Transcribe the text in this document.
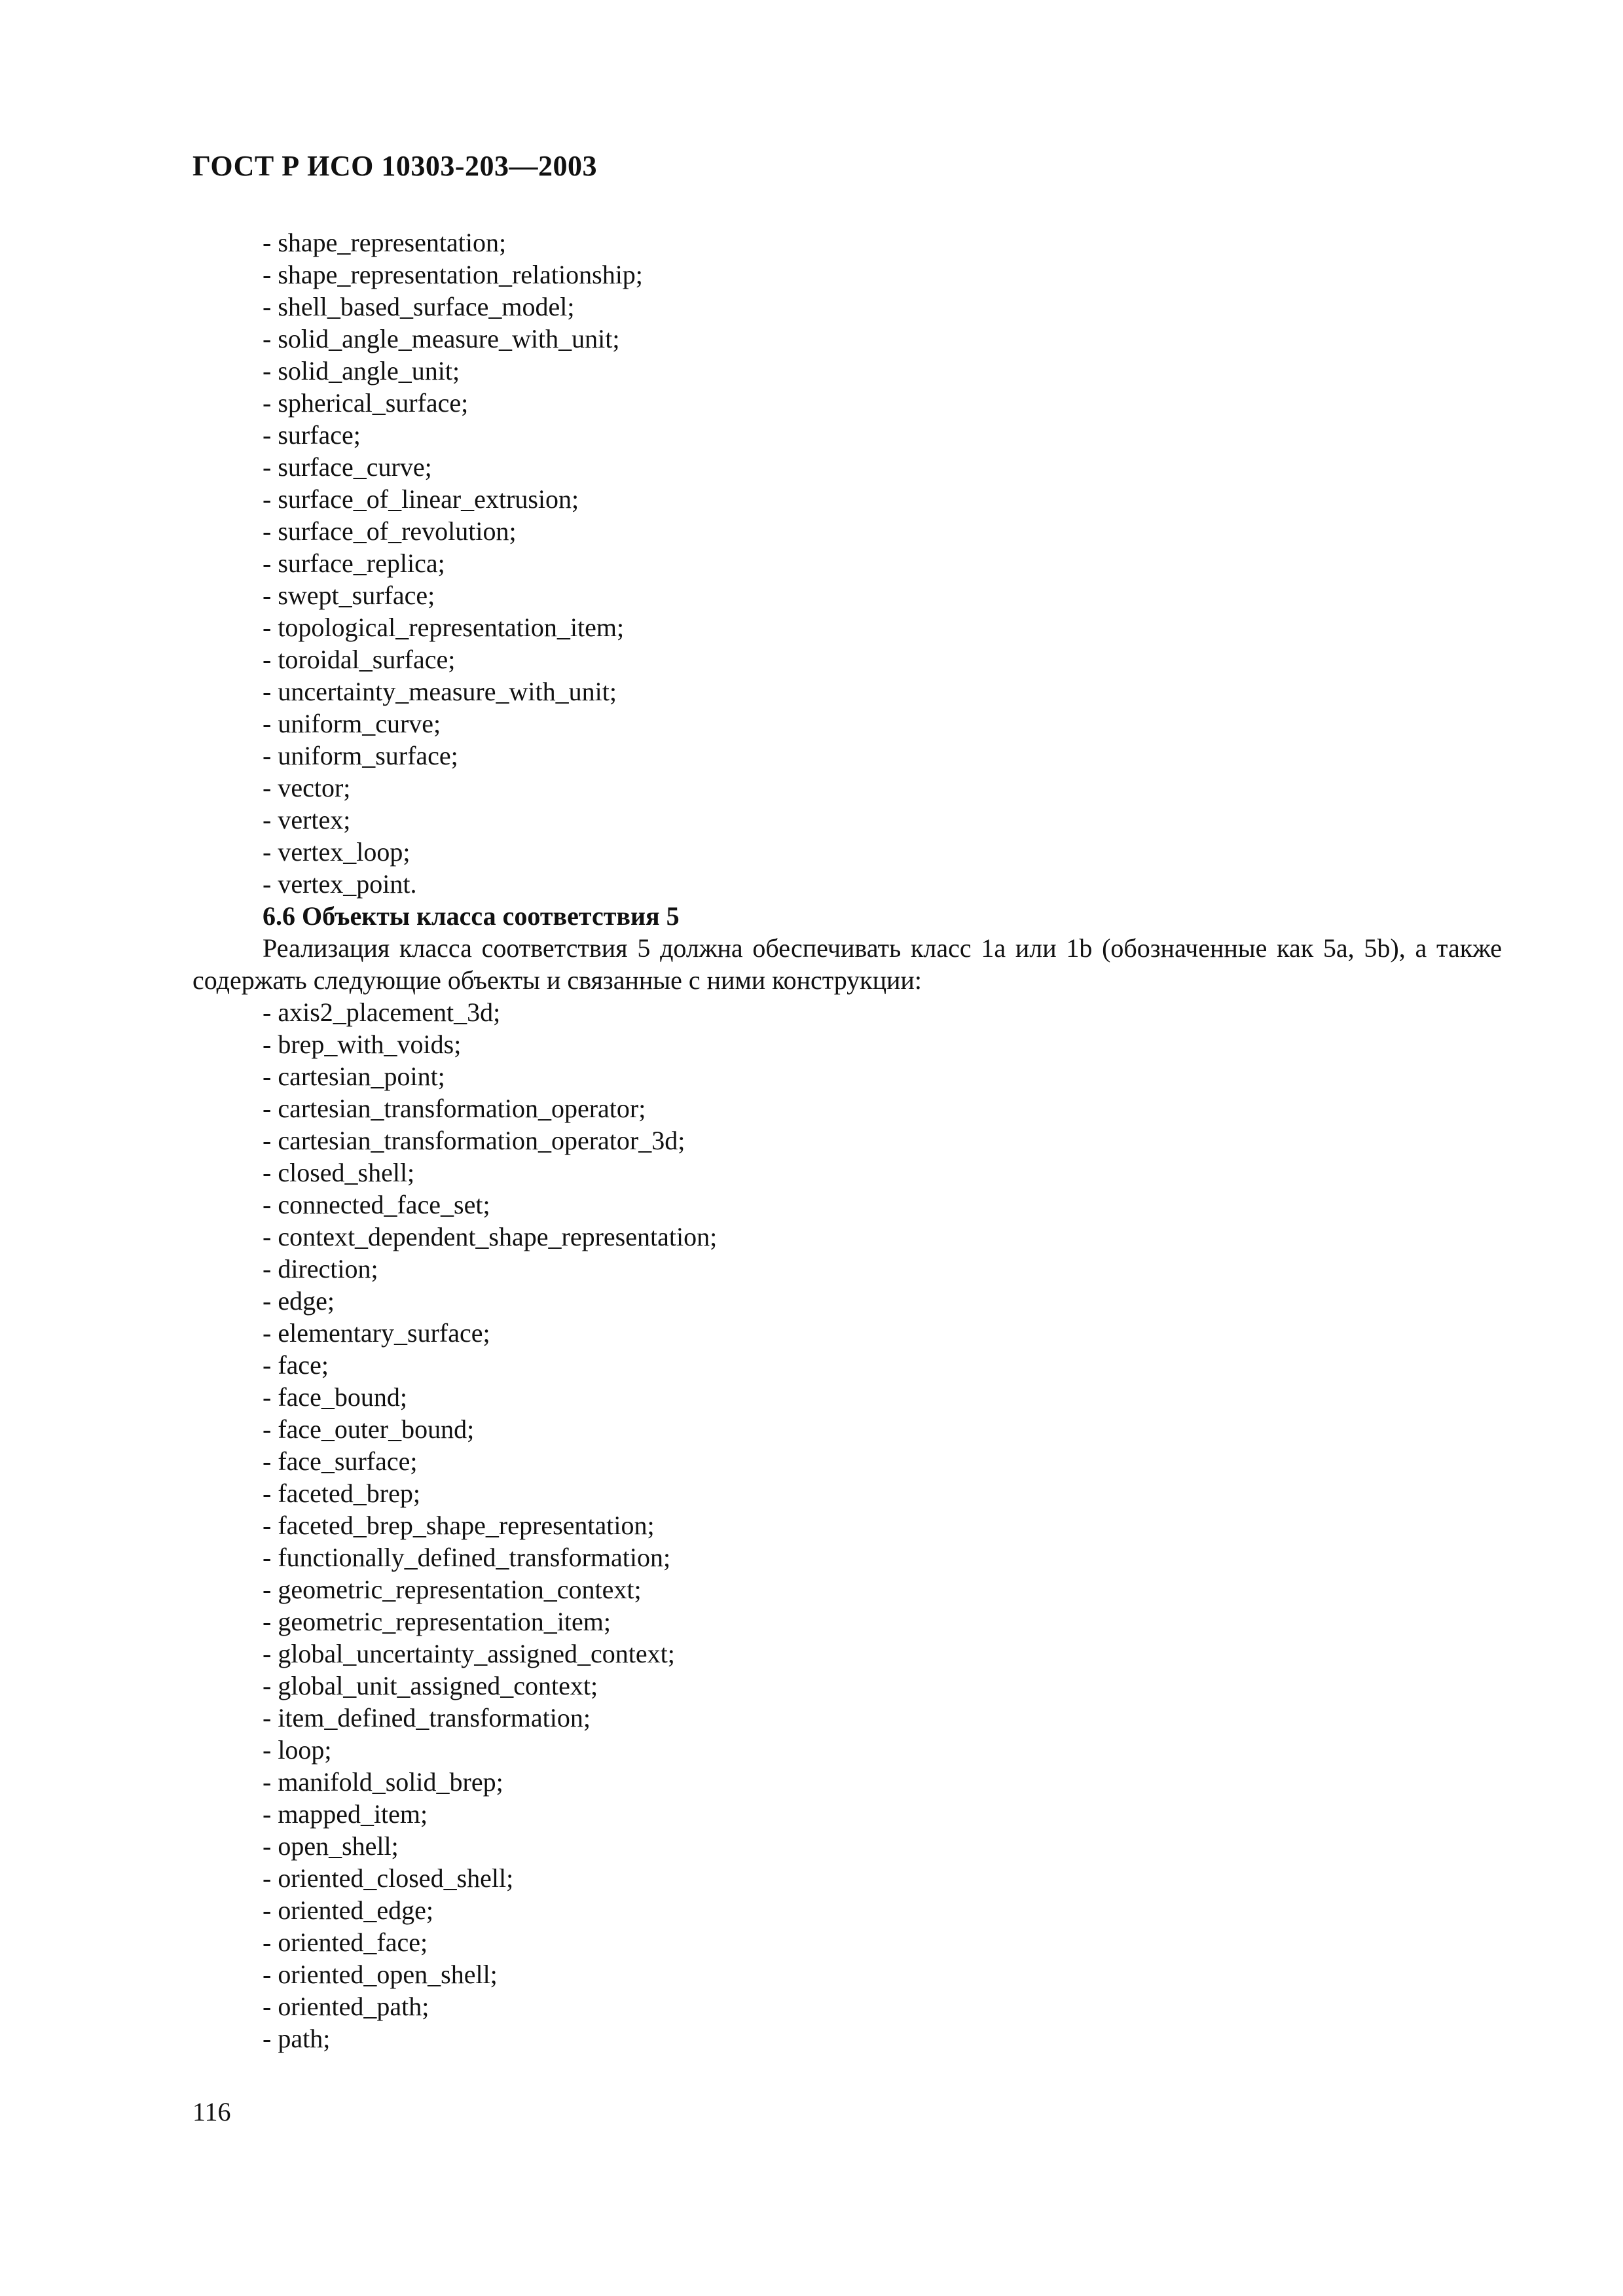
ГОСТ Р ИСО 10303-203—2003
- shape_representation;
- shape_representation_relationship;
- shell_based_surface_model;
- solid_angle_measure_with_unit;
- solid_angle_unit;
- spherical_surface;
- surface;
- surface_curve;
- surface_of_linear_extrusion;
- surface_of_revolution;
- surface_replica;
- swept_surface;
- topological_representation_item;
- toroidal_surface;
- uncertainty_measure_with_unit;
- uniform_curve;
- uniform_surface;
- vector;
- vertex;
- vertex_loop;
- vertex_point.
6.6 Объекты класса соответствия 5

Реализация класса соответствия 5 должна обеспечивать класс 1а или 1b (обозначенные как 5а, 5b), а также содержать следующие объекты и связанные с ними конструкции:

- axis2_placement_3d;
- brep_with_voids;
- cartesian_point;
- cartesian_transformation_operator;
- cartesian_transformation_operator_3d;
- closed_shell;
- connected_face_set;
- context_dependent_shape_representation;
- direction;
- edge;
- elementary_surface;
- face;
- face_bound;
- face_outer_bound;
- face_surface;
- faceted_brep;
- faceted_brep_shape_representation;
- functionally_defined_transformation;
- geometric_representation_context;
- geometric_representation_item;
- global_uncertainty_assigned_context;
- global_unit_assigned_context;
- item_defined_transformation;
- loop;
- manifold_solid_brep;
- mapped_item;
- open_shell;
- oriented_closed_shell;
- oriented_edge;
- oriented_face;
- oriented_open_shell;
- oriented_path;
- path;
116
